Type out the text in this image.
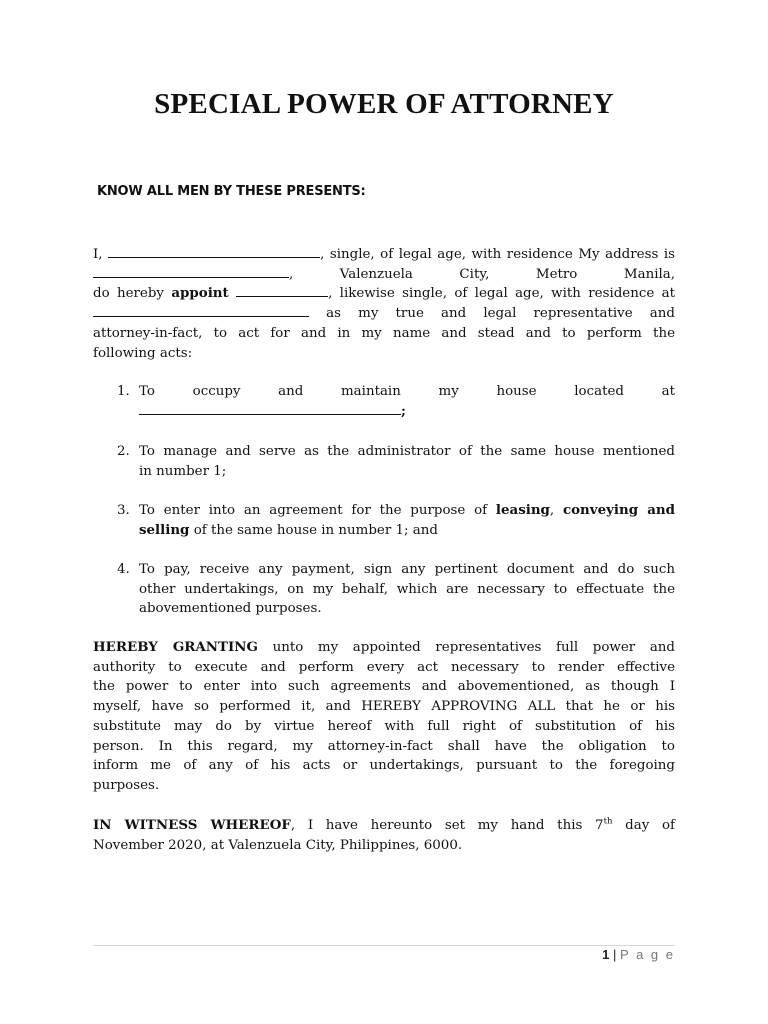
SPECIAL POWER OF ATTORNEY
KNOW ALL MEN BY THESE PRESENTS:
I,	, single, of legal age, with residence My address is
,	Valenzuela	City,	Metro	Manila,
do hereby appoint	, likewise single, of legal age, with residence at
as my true and legal representative and
attorney-in-fact, to act for and in my name and stead and to perform the
following acts:
1. To occupy and maintain my house located at
;
2. To manage and serve as the administrator of the same house mentioned
in number 1;
3. To enter into an agreement for the purpose of leasing, conveying and
selling of the same house in number 1; and
4. To pay, receive any payment, sign any pertinent document and do such
other undertakings, on my behalf, which are necessary to effectuate the
abovementioned purposes.
HEREBY GRANTING unto my appointed representatives full power and
authority to execute and perform every act necessary to render effective
the power to enter into such agreements and abovementioned, as though I
myself, have so performed it, and HEREBY APPROVING ALL that he or his
substitute may do by virtue hereof with full right of substitution of his
person. In this regard, my attorney-in-fact shall have the obligation to
inform me of any of his acts or undertakings, pursuant to the foregoing
purposes.
IN WITNESS WHEREOF, I have hereunto set my hand this 7th day of
November 2020, at Valenzuela City, Philippines, 6000.
1 | P a g e
